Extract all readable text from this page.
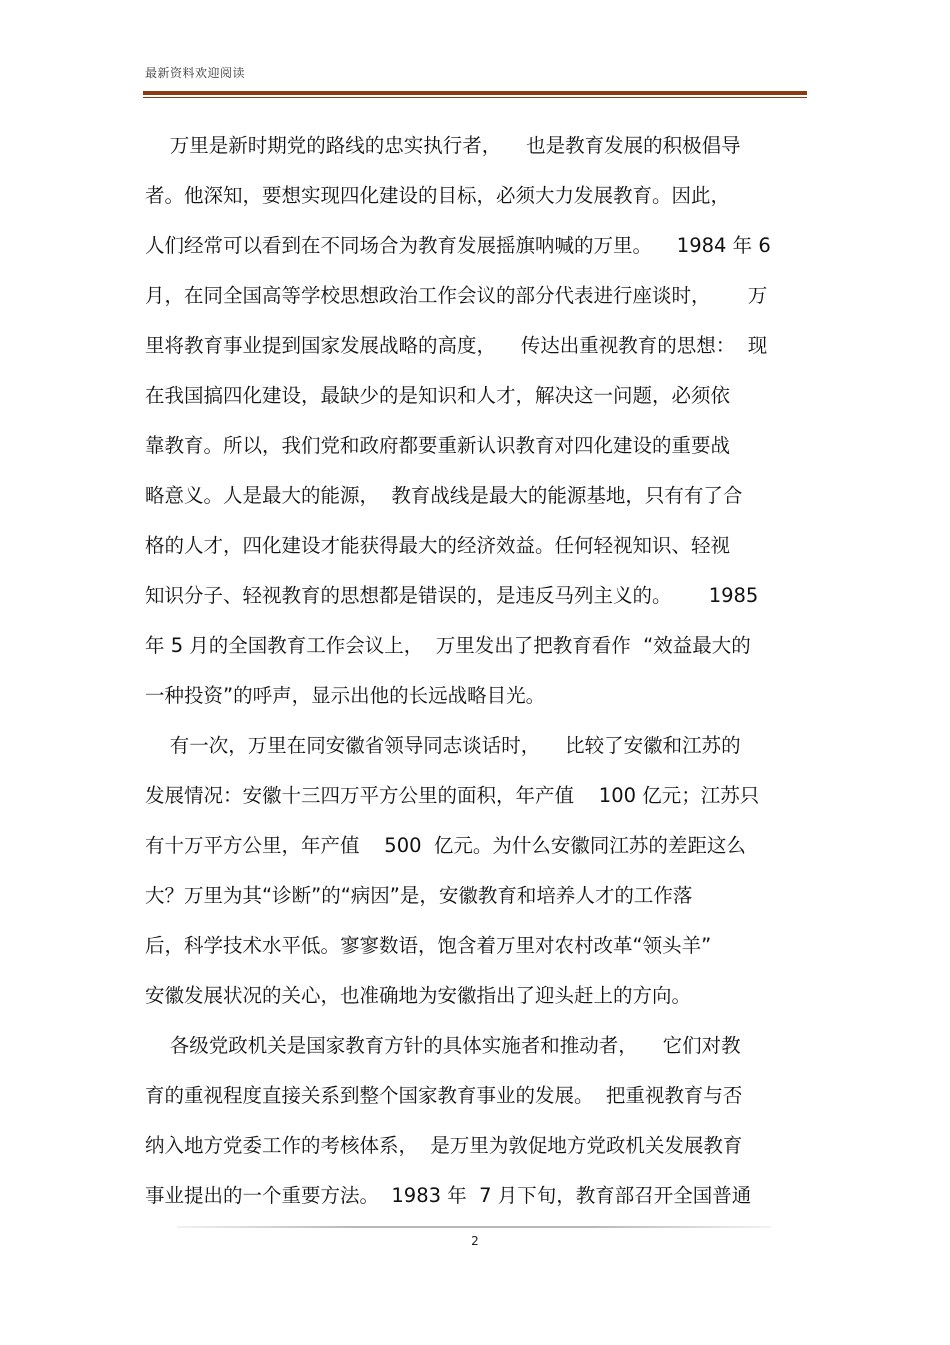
最新资料欢迎阅读
万里是新时期党的路线的忠实执行者，    也是教育发展的积极倡导
者。他深知，要想实现四化建设的目标，必须大力发展教育。因此，
人们经常可以看到在不同场合为教育发展摇旗呐喊的万里。    1984 年 6
月，在同全国高等学校思想政治工作会议的部分代表进行座谈时，      万
里将教育事业提到国家发展战略的高度，    传达出重视教育的思想：  现
在我国搞四化建设，最缺少的是知识和人才，解决这一问题，必须依
靠教育。所以，我们党和政府都要重新认识教育对四化建设的重要战
略意义。人是最大的能源，  教育战线是最大的能源基地，只有有了合
格的人才，四化建设才能获得最大的经济效益。任何轻视知识、轻视
知识分子、轻视教育的思想都是错误的，是违反马列主义的。      1985
年 5 月的全国教育工作会议上，  万里发出了把教育看作  “效益最大的
一种投资”的呼声，显示出他的长远战略目光。
有一次，万里在同安徽省领导同志谈话时，    比较了安徽和江苏的
发展情况：安徽十三四万平方公里的面积，年产值    100 亿元；江苏只
有十万平方公里，年产值    500  亿元。为什么安徽同江苏的差距这么
大？万里为其“诊断”的“病因”是，安徽教育和培养人才的工作落
后，科学技术水平低。寥寥数语，饱含着万里对农村改革“领头羊”
安徽发展状况的关心，也准确地为安徽指出了迎头赶上的方向。
各级党政机关是国家教育方针的具体实施者和推动者，    它们对教
育的重视程度直接关系到整个国家教育事业的发展。  把重视教育与否
纳入地方党委工作的考核体系，  是万里为敦促地方党政机关发展教育
事业提出的一个重要方法。  1983 年  7 月下旬，教育部召开全国普通
2
